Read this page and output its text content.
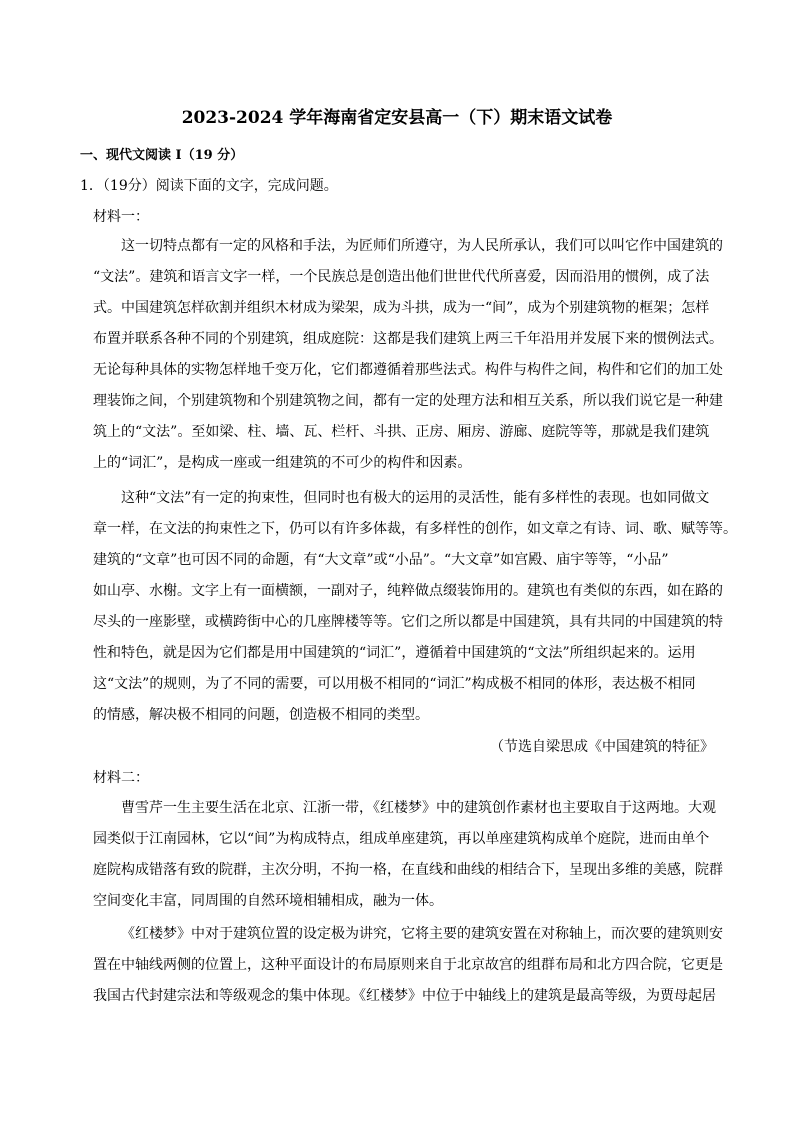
2023-2024 学年海南省定安县高一（下）期末语文试卷
一、现代文阅读 I（19 分）
1．（19分）阅读下面的文字，完成问题。
材料一：
这一切特点都有一定的风格和手法，为匠师们所遵守，为人民所承认，我们可以叫它作中国建筑的
“文法”。建筑和语言文字一样，一个民族总是创造出他们世世代代所喜爱，因而沿用的惯例，成了法
式。中国建筑怎样砍割并组织木材成为梁架，成为斗拱，成为一“间”，成为个别建筑物的框架；怎样
布置并联系各种不同的个别建筑，组成庭院：这都是我们建筑上两三千年沿用并发展下来的惯例法式。
无论每种具体的实物怎样地千变万化，它们都遵循着那些法式。构件与构件之间，构件和它们的加工处
理装饰之间，个别建筑物和个别建筑物之间，都有一定的处理方法和相互关系，所以我们说它是一种建
筑上的“文法”。至如梁、柱、墙、瓦、栏杆、斗拱、正房、厢房、游廊、庭院等等，那就是我们建筑
上的“词汇”，是构成一座或一组建筑的不可少的构件和因素。
这种“文法”有一定的拘束性，但同时也有极大的运用的灵活性，能有多样性的表现。也如同做文
章一样，在文法的拘束性之下，仍可以有许多体裁，有多样性的创作，如文章之有诗、词、歌、赋等等。
建筑的“文章”也可因不同的命题，有“大文章”或“小品”。“大文章”如宫殿、庙宇等等，“小品”
如山亭、水榭。文字上有一面横额，一副对子，纯粹做点缀装饰用的。建筑也有类似的东西，如在路的
尽头的一座影壁，或横跨街中心的几座牌楼等等。它们之所以都是中国建筑，具有共同的中国建筑的特
性和特色，就是因为它们都是用中国建筑的“词汇”，遵循着中国建筑的“文法”所组织起来的。运用
这“文法”的规则，为了不同的需要，可以用极不相同的“词汇”构成极不相同的体形，表达极不相同
的情感，解决极不相同的问题，创造极不相同的类型。
（节选自梁思成《中国建筑的特征》
材料二：
曹雪芹一生主要生活在北京、江浙一带，《红楼梦》中的建筑创作素材也主要取自于这两地。大观
园类似于江南园林，它以“间”为构成特点，组成单座建筑，再以单座建筑构成单个庭院，进而由单个
庭院构成错落有致的院群，主次分明，不拘一格，在直线和曲线的相结合下，呈现出多维的美感，院群
空间变化丰富，同周围的自然环境相辅相成，融为一体。
《红楼梦》中对于建筑位置的设定极为讲究，它将主要的建筑安置在对称轴上，而次要的建筑则安
置在中轴线两侧的位置上，这种平面设计的布局原则来自于北京故宫的组群布局和北方四合院，它更是
我国古代封建宗法和等级观念的集中体现。《红楼梦》中位于中轴线上的建筑是最高等级，为贾母起居
